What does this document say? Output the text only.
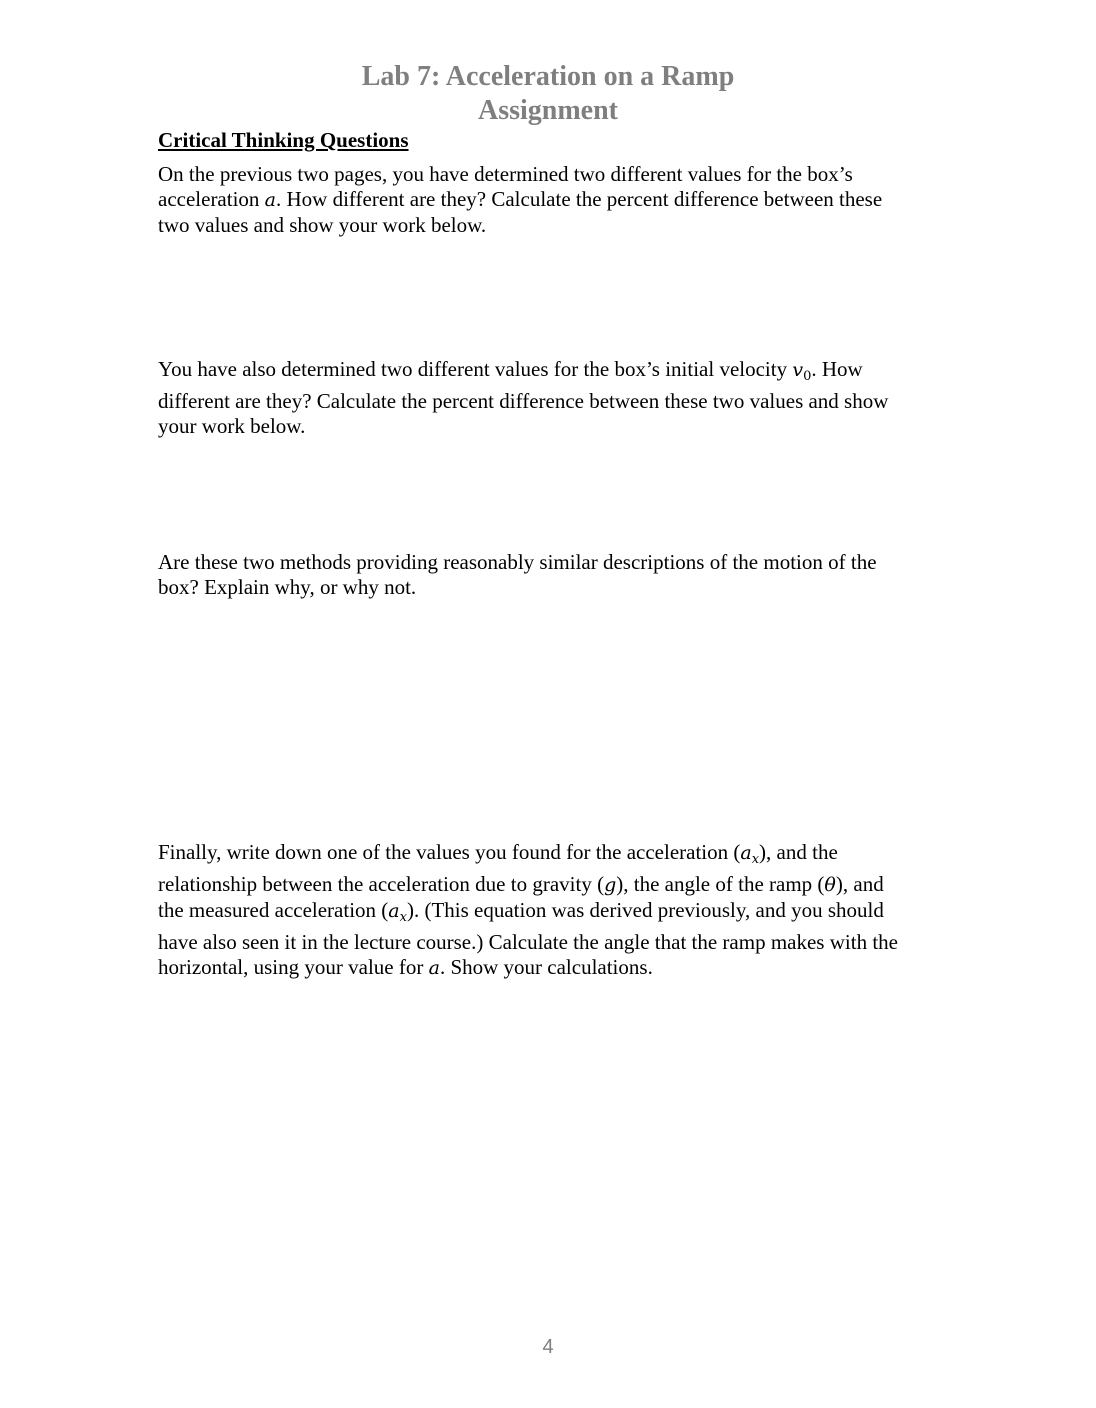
Lab 7: Acceleration on a Ramp
Assignment
Critical Thinking Questions
On the previous two pages, you have determined two different values for the box’s
acceleration a. How different are they? Calculate the percent difference between these
two values and show your work below.
You have also determined two different values for the box’s initial velocity v0. How
different are they? Calculate the percent difference between these two values and show
your work below.
Are these two methods providing reasonably similar descriptions of the motion of the
box? Explain why, or why not.
Finally, write down one of the values you found for the acceleration $(a_x)$, and the
relationship between the acceleration due to gravity (g), the angle of the ramp (θ), and
the measured acceleration $(a_x)$. (This equation was derived previously, and you should
have also seen it in the lecture course.) Calculate the angle that the ramp makes with the
horizontal, using your value for a. Show your calculations.
4
